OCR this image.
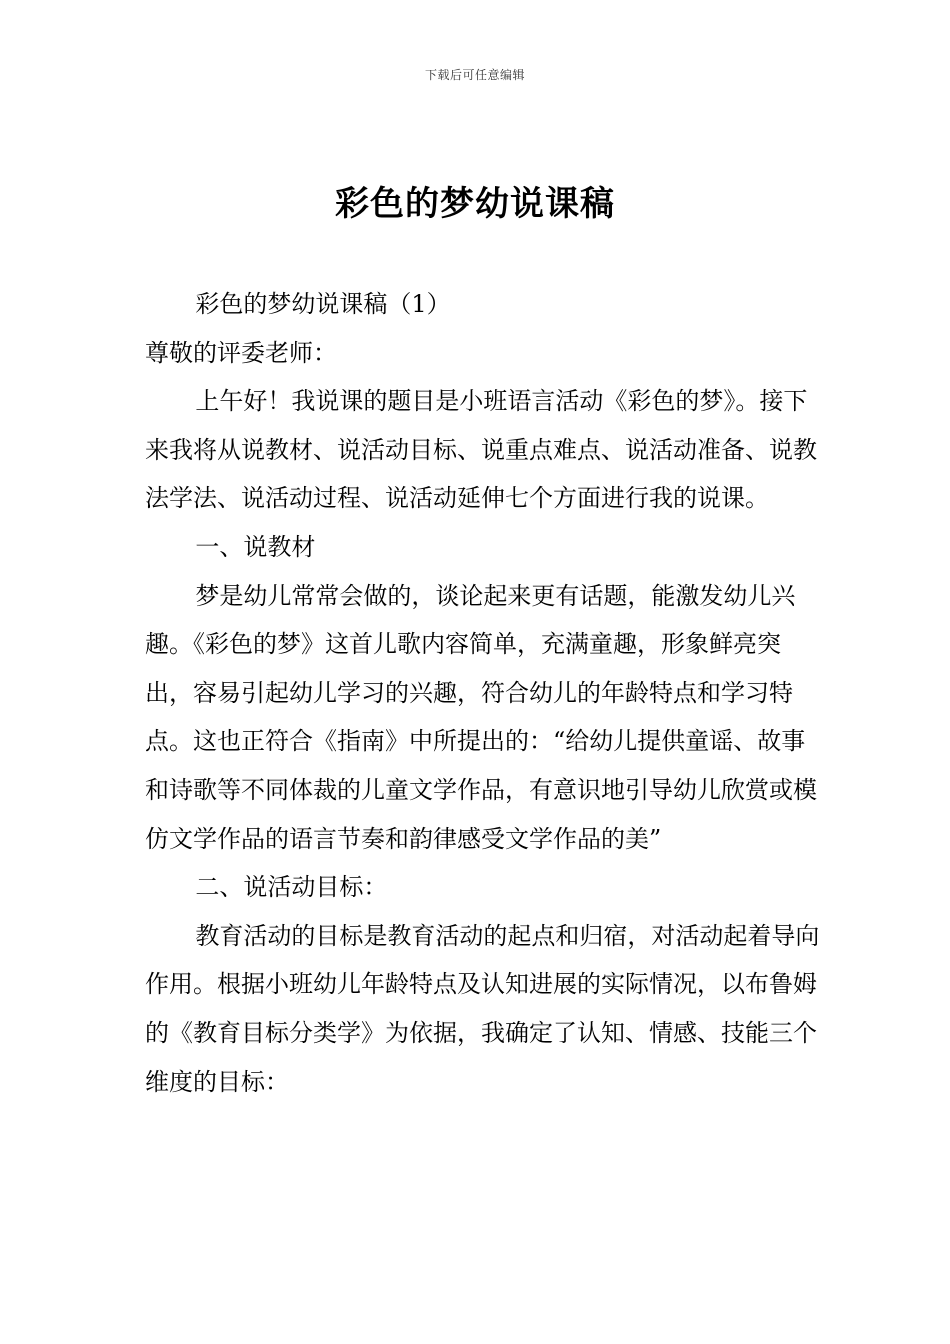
下载后可任意编辑
彩色的梦幼说课稿

彩色的梦幼说课稿（1）

尊敬的评委老师：

上午好！我说课的题目是小班语言活动《彩色的梦》。接下来我将从说教材、说活动目标、说重点难点、说活动准备、说教法学法、说活动过程、说活动延伸七个方面进行我的说课。

一、说教材

梦是幼儿常常会做的，谈论起来更有话题，能激发幼儿兴趣。《彩色的梦》这首儿歌内容简单，充满童趣，形象鲜亮突出，容易引起幼儿学习的兴趣，符合幼儿的年龄特点和学习特点。这也正符合《指南》中所提出的：“给幼儿提供童谣、故事和诗歌等不同体裁的儿童文学作品，有意识地引导幼儿欣赏或模仿文学作品的语言节奏和韵律感受文学作品的美”

二、说活动目标：

教育活动的目标是教育活动的起点和归宿，对活动起着导向作用。根据小班幼儿年龄特点及认知进展的实际情况，以布鲁姆的《教育目标分类学》为依据，我确定了认知、情感、技能三个维度的目标：
